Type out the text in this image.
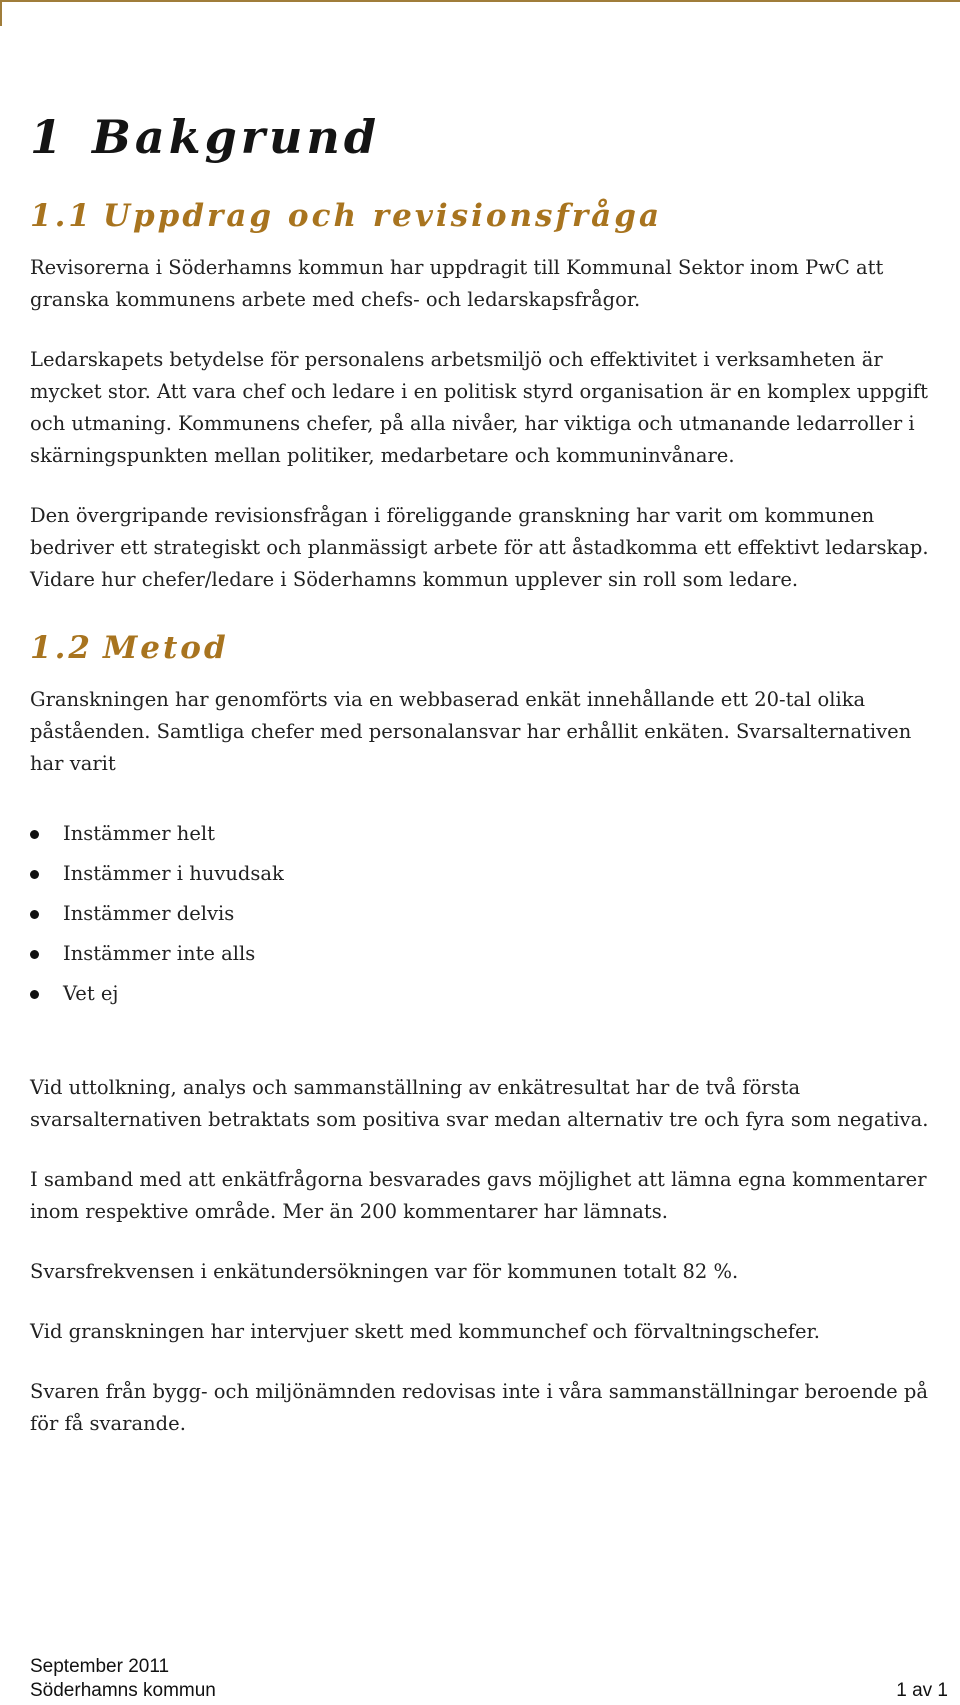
1 Bakgrund
1.1 Uppdrag och revisionsfråga

Revisorerna i Söderhamns kommun har uppdragit till Kommunal Sektor inom PwC att granska kommunens arbete med chefs- och ledarskapsfrågor.

Ledarskapets betydelse för personalens arbetsmiljö och effektivitet i verksamheten är mycket stor. Att vara chef och ledare i en politisk styrd organisation är en komplex uppgift och utmaning. Kommunens chefer, på alla nivåer, har viktiga och utmanande ledarroller i skärningspunkten mellan politiker, medarbetare och kommuninvånare.

Den övergripande revisionsfrågan i föreliggande granskning har varit om kommunen bedriver ett strategiskt och planmässigt arbete för att åstadkomma ett effektivt ledarskap. Vidare hur chefer/ledare i Söderhamns kommun upplever sin roll som ledare.

1.2 Metod

Granskningen har genomförts via en webbaserad enkät innehållande ett 20-tal olika påståenden. Samtliga chefer med personalansvar har erhållit enkäten. Svarsalternativen har varit

Instämmer helt
Instämmer i huvudsak
Instämmer delvis
Instämmer inte alls
Vet ej

Vid uttolkning, analys och sammanställning av enkätresultat har de två första svarsalternativen betraktats som positiva svar medan alternativ tre och fyra som negativa.

I samband med att enkätfrågorna besvarades gavs möjlighet att lämna egna kommentarer inom respektive område. Mer än 200 kommentarer har lämnats.

Svarsfrekvensen i enkätundersökningen var för kommunen totalt 82 %.

Vid granskningen har intervjuer skett med kommunchef och förvaltningschefer.

Svaren från bygg- och miljönämnden redovisas inte i våra sammanställningar beroende på för få svarande.

September 2011
Söderhamns kommun	1 av 1
